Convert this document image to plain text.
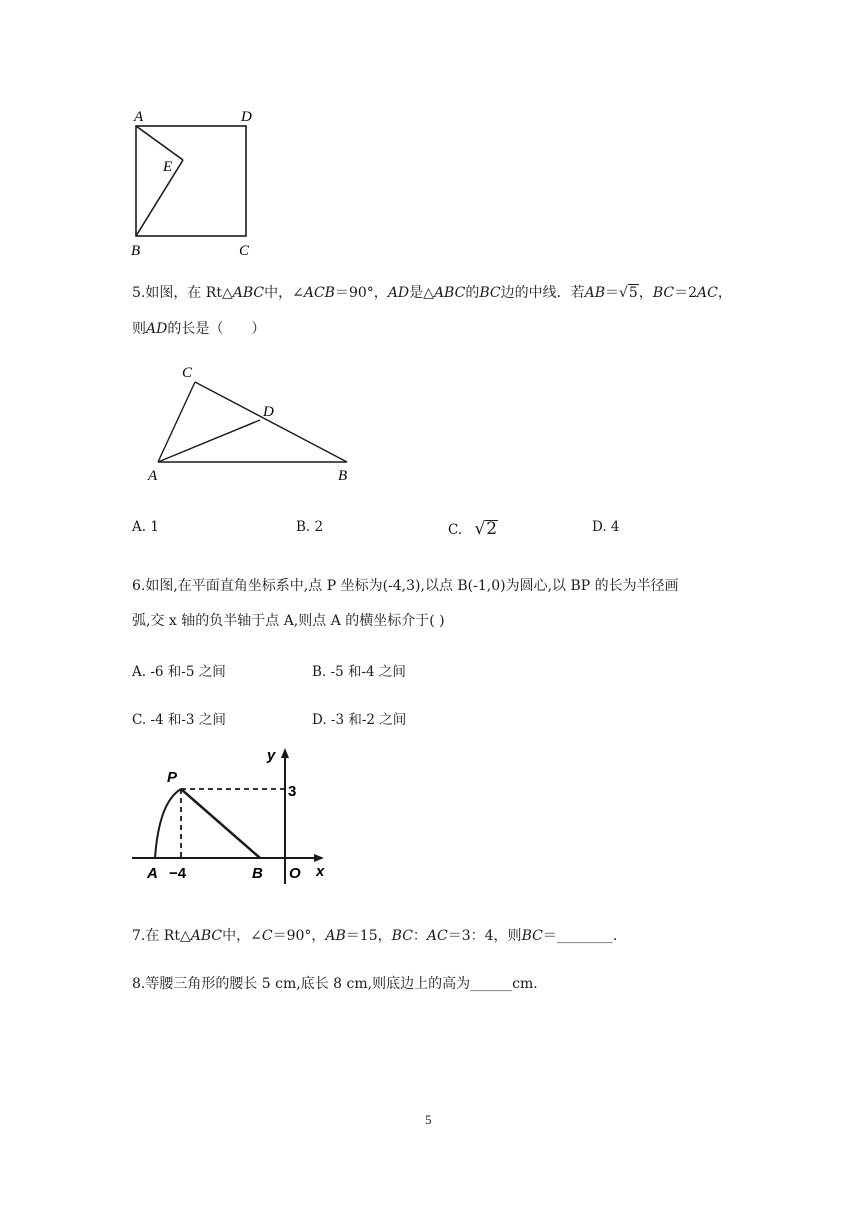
A	D
E
B	C
5.如图，在 Rt△ABC中，∠ACB＝90°，AD是△ABC的BC边的中线．若AB＝√5，BC＝2AC，
则AD的长是（　　）
C
D
A	B
A. 1	B. 2	C. √2	D. 4
6.如图,在平面直角坐标系中,点 P 坐标为(-4,3),以点 B(-1,0)为圆心,以 BP 的长为半径画
弧,交 x 轴的负半轴于点 A,则点 A 的横坐标介于( )
A. -6 和-5 之间	B. -5 和-4 之间
C. -4 和-3 之间	D. -3 和-2 之间
y
P
3
A −4	B O x
7.在 Rt△ABC中，∠C＝90°，AB＝15，BC：AC＝3：4，则BC＝________.
8.等腰三角形的腰长 5 cm,底长 8 cm,则底边上的高为______cm.
5
